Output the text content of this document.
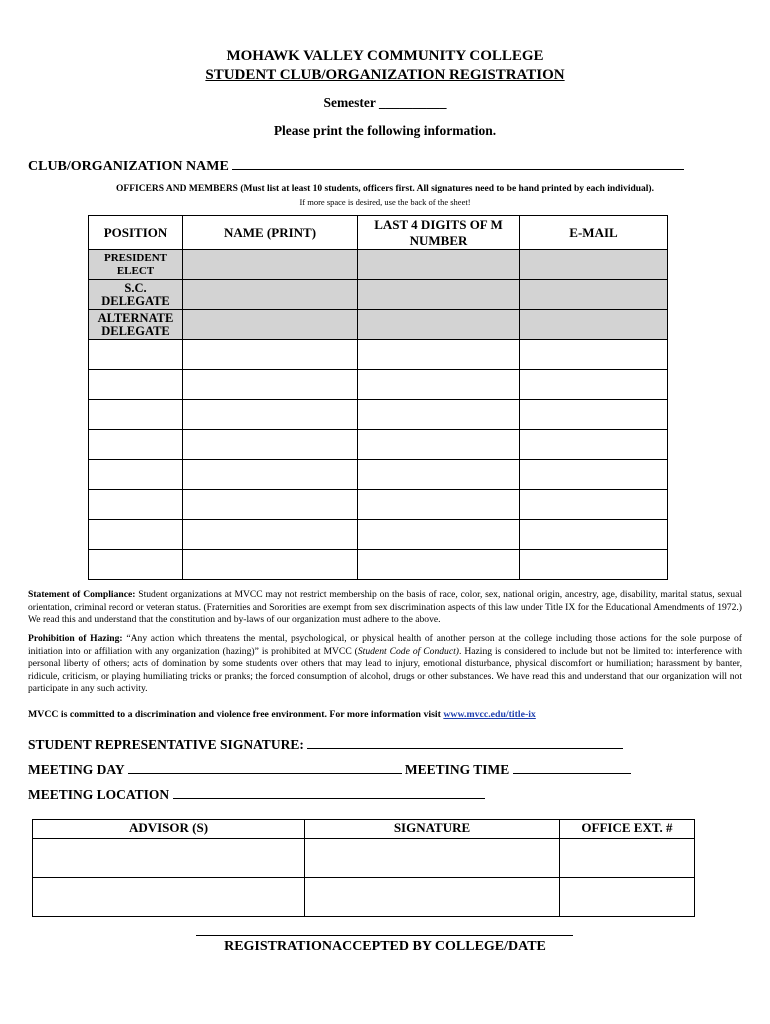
MOHAWK VALLEY COMMUNITY COLLEGE
STUDENT CLUB/ORGANIZATION REGISTRATION
Semester __________
Please print the following information.
CLUB/ORGANIZATION NAME
OFFICERS AND MEMBERS (Must list at least 10 students, officers first. All signatures need to be hand printed by each individual).
If more space is desired, use the back of the sheet!
POSITION	NAME (PRINT)	LAST 4 DIGITS OF M NUMBER	E-MAIL
PRESIDENT ELECT			
S.C. DELEGATE			
ALTERNATE DELEGATE			

Statement of Compliance: Student organizations at MVCC may not restrict membership on the basis of race, color, sex, national origin, ancestry, age, disability, marital status, sexual orientation, criminal record or veteran status. (Fraternities and Sororities are exempt from sex discrimination aspects of this law under Title IX for the Educational Amendments of 1972.) We read this and understand that the constitution and by-laws of our organization must adhere to the above.
Prohibition of Hazing: “Any action which threatens the mental, psychological, or physical health of another person at the college including those actions for the sole purpose of initiation into or affiliation with any organization (hazing)” is prohibited at MVCC (Student Code of Conduct). Hazing is considered to include but not be limited to: interference with personal liberty of others; acts of domination by some students over others that may lead to injury, emotional disturbance, physical discomfort or humiliation; harassment by banter, ridicule, criticism, or playing humiliating tricks or pranks; the forced consumption of alcohol, drugs or other substances. We have read this and understand that our organization will not participate in any such activity.
MVCC is committed to a discrimination and violence free environment. For more information visit www.mvcc.edu/title-ix
STUDENT REPRESENTATIVE SIGNATURE:
MEETING DAY	MEETING TIME
MEETING LOCATION
ADVISOR (S)	SIGNATURE	OFFICE EXT. #

REGISTRATIONACCEPTED BY COLLEGE/DATE
